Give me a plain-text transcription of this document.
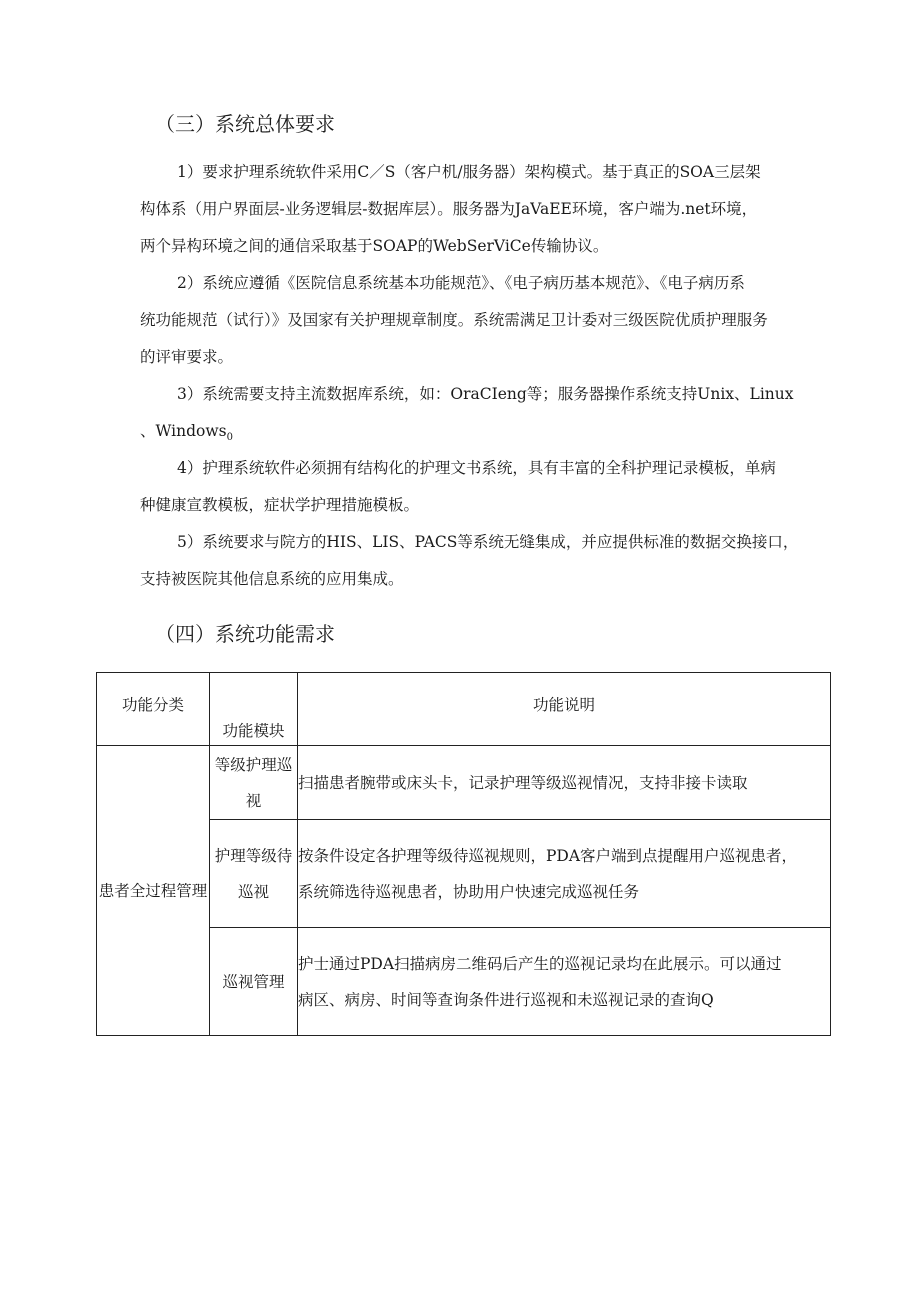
（三）系统总体要求

1）要求护理系统软件采用C／S（客户机/服务器）架构模式。基于真正的SOA三层架
构体系（用户界面层-业务逻辑层-数据库层）。服务器为JaVaEE环境，客户端为.net环境，
两个异构环境之间的通信采取基于SOAP的WebSerViCe传输协议。

2）系统应遵循《医院信息系统基本功能规范》、《电子病历基本规范》、《电子病历系
统功能规范（试行）》及国家有关护理规章制度。系统需满足卫计委对三级医院优质护理服务
的评审要求。

3）系统需要支持主流数据库系统，如：OraCIeng等；服务器操作系统支持Unix、Linux
、Windows$_0$

4）护理系统软件必须拥有结构化的护理文书系统，具有丰富的全科护理记录模板，单病
种健康宣教模板，症状学护理措施模板。

5）系统要求与院方的HIS、LIS、PACS等系统无缝集成，并应提供标准的数据交换接口，
支持被医院其他信息系统的应用集成。

（四）系统功能需求
功能分类	功能模块	功能说明
患者全过程管理	等级护理巡视	扫描患者腕带或床头卡，记录护理等级巡视情况，支持非接卡读取

	护理等级待巡视	按条件设定各护理等级待巡视规则，PDA客户端到点提醒用户巡视患者，
系统筛选待巡视患者，协助用户快速完成巡视任务

	巡视管理	护士通过PDA扫描病房二维码后产生的巡视记录均在此展示。可以通过
病区、病房、时间等查询条件进行巡视和未巡视记录的查询Q
